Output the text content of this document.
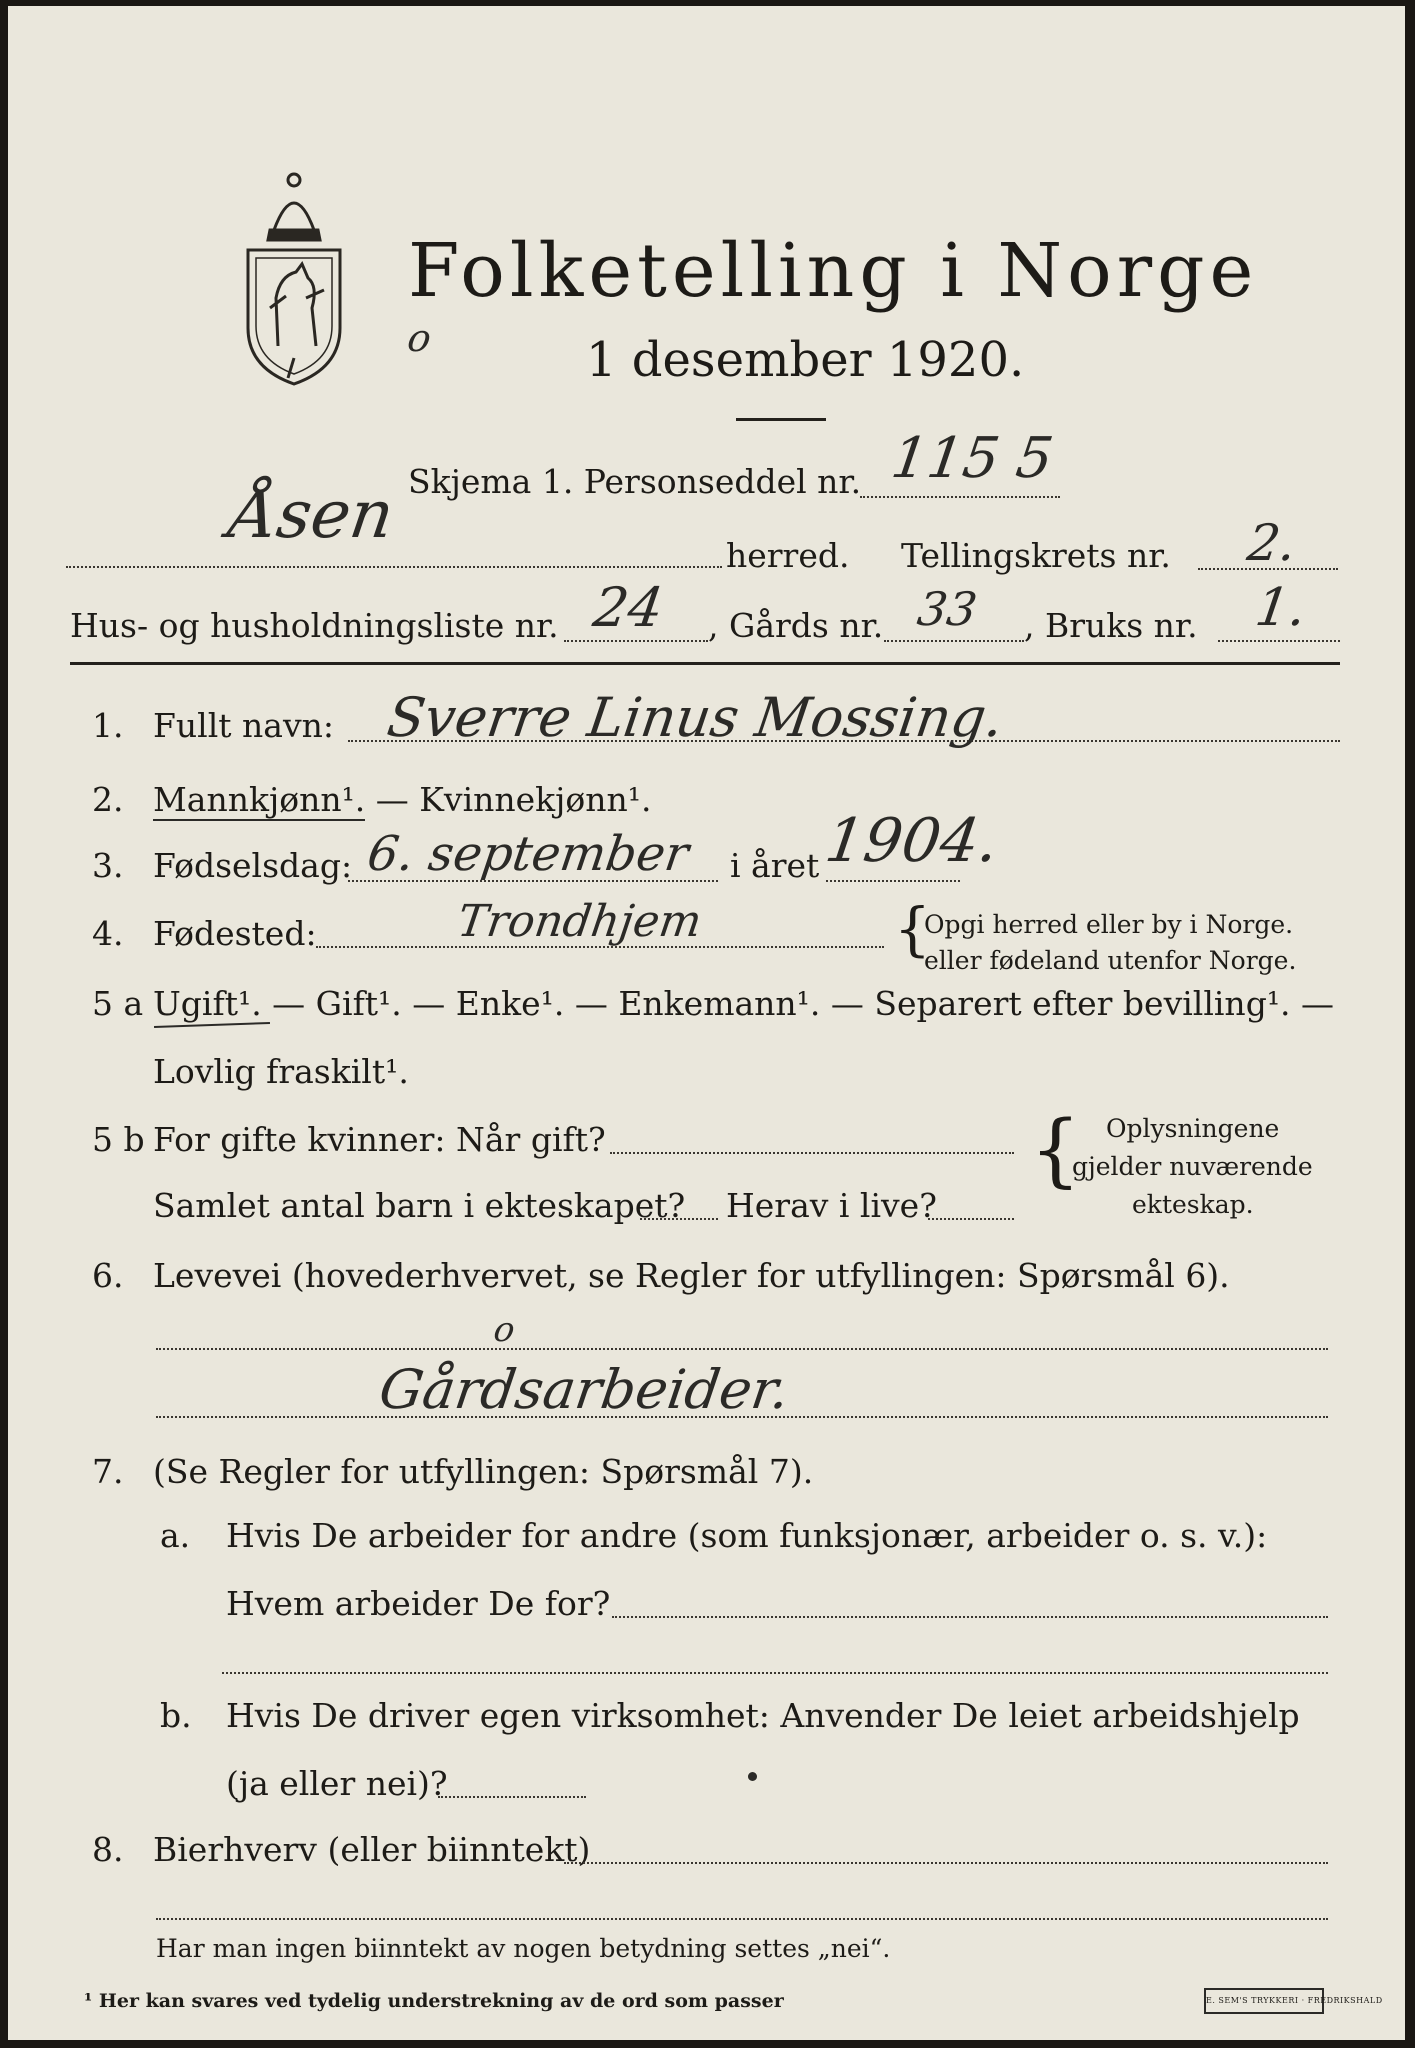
Folketelling i Norge
1 desember 1920.
o
Skjema 1. Personseddel nr. 115 5
Åsen
herred. Tellingskrets nr. 2.
Hus- og husholdningsliste nr. 24 , Gårds nr. 33 , Bruks nr. 1.
1. Fullt navn: Sverre Linus Mossing.
2. Mannkjønn¹. — Kvinnekjønn¹.
3. Fødselsdag: 6. september i året 1904.
4. Fødested:	Trondhjem	{
Opgi herred eller by i Norge.
eller fødeland utenfor Norge.
5 a Ugift¹. — Gift¹. — Enke¹. — Enkemann¹. — Separert efter bevilling¹. —
Lovlig fraskilt¹.
5 b For gifte kvinner: Når gift?
Samlet antal barn i ekteskapet? Herav i live?
{ Oplysningene
gjelder nuværende
ekteskap.
6. Levevei (hovederhvervet, se Regler for utfyllingen: Spørsmål 6).
o
Gårdsarbeider.
7. (Se Regler for utfyllingen: Spørsmål 7).
a. Hvis De arbeider for andre (som funksjonær, arbeider o. s. v.):
Hvem arbeider De for?
b. Hvis De driver egen virksomhet: Anvender De leiet arbeidshjelp
(ja eller nei)?
8. Bierhverv (eller biinntekt)
Har man ingen biinntekt av nogen betydning settes „nei“.
¹ Her kan svares ved tydelig understrekning av de ord som passer	E. SEM'S TRYKKERI · FREDRIKSHALD
